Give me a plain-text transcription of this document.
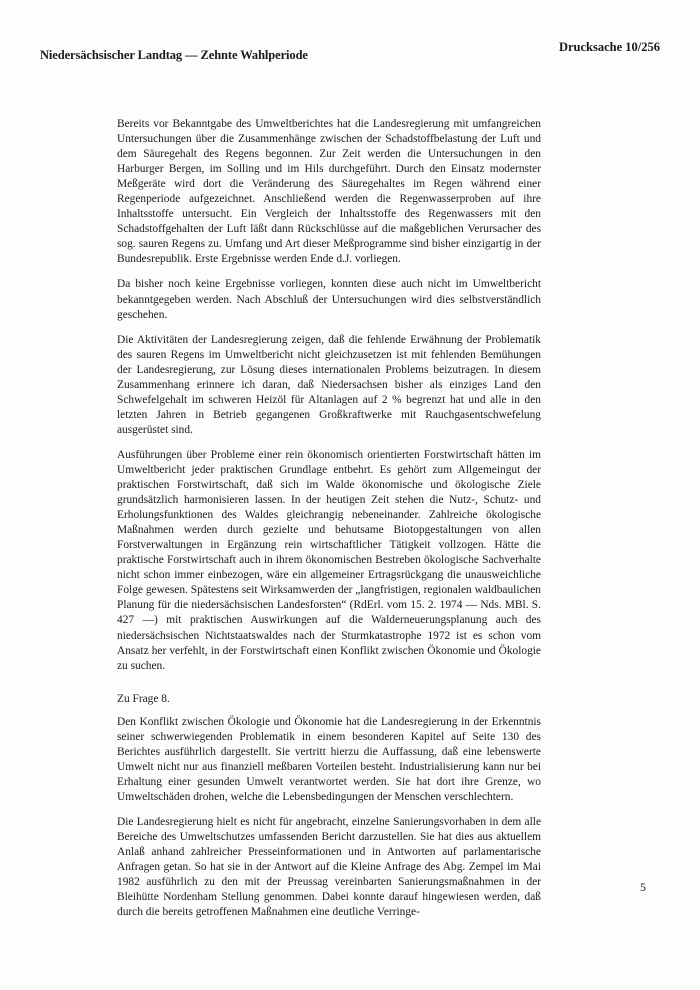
Niedersächsischer Landtag — Zehnte Wahlperiode
Drucksache 10/256

Bereits vor Bekanntgabe des Umweltberichtes hat die Landesregierung mit umfangreichen Untersuchungen über die Zusammenhänge zwischen der Schadstoffbelastung der Luft und dem Säuregehalt des Regens begonnen. Zur Zeit werden die Untersuchungen in den Harburger Bergen, im Solling und im Hils durchgeführt. Durch den Einsatz modernster Meßgeräte wird dort die Veränderung des Säuregehaltes im Regen während einer Regenperiode aufgezeichnet. Anschließend werden die Regenwasserproben auf ihre Inhaltsstoffe untersucht. Ein Vergleich der Inhaltsstoffe des Regenwassers mit den Schadstoffgehalten der Luft läßt dann Rückschlüsse auf die maßgeblichen Verursacher des sog. sauren Regens zu. Umfang und Art dieser Meßprogramme sind bisher einzigartig in der Bundesrepublik. Erste Ergebnisse werden Ende d.J. vorliegen.

Da bisher noch keine Ergebnisse vorliegen, konnten diese auch nicht im Umweltbericht bekanntgegeben werden. Nach Abschluß der Untersuchungen wird dies selbstverständlich geschehen.

Die Aktivitäten der Landesregierung zeigen, daß die fehlende Erwähnung der Problematik des sauren Regens im Umweltbericht nicht gleichzusetzen ist mit fehlenden Bemühungen der Landesregierung, zur Lösung dieses internationalen Problems beizutragen. In diesem Zusammenhang erinnere ich daran, daß Niedersachsen bisher als einziges Land den Schwefelgehalt im schweren Heizöl für Altanlagen auf 2 % begrenzt hat und alle in den letzten Jahren in Betrieb gegangenen Großkraftwerke mit Rauchgasentschwefelung ausgerüstet sind.

Ausführungen über Probleme einer rein ökonomisch orientierten Forstwirtschaft hätten im Umweltbericht jeder praktischen Grundlage entbehrt. Es gehört zum Allgemeingut der praktischen Forstwirtschaft, daß sich im Walde ökonomische und ökologische Ziele grundsätzlich harmonisieren lassen. In der heutigen Zeit stehen die Nutz-, Schutz- und Erholungsfunktionen des Waldes gleichrangig nebeneinander. Zahlreiche ökologische Maßnahmen werden durch gezielte und behutsame Biotopgestaltungen von allen Forstverwaltungen in Ergänzung rein wirtschaftlicher Tätigkeit vollzogen. Hätte die praktische Forstwirtschaft auch in ihrem ökonomischen Bestreben ökologische Sachverhalte nicht schon immer einbezogen, wäre ein allgemeiner Ertragsrückgang die unausweichliche Folge gewesen. Spätestens seit Wirksamwerden der „langfristigen, regionalen waldbaulichen Planung für die niedersächsischen Landesforsten“ (RdErl. vom 15. 2. 1974 — Nds. MBl. S. 427 —) mit praktischen Auswirkungen auf die Walderneuerungsplanung auch des niedersächsischen Nichtstaatswaldes nach der Sturmkatastrophe 1972 ist es schon vom Ansatz her verfehlt, in der Forstwirtschaft einen Konflikt zwischen Ökonomie und Ökologie zu suchen.

Zu Frage 8.

Den Konflikt zwischen Ökologie und Ökonomie hat die Landesregierung in der Erkenntnis seiner schwerwiegenden Problematik in einem besonderen Kapitel auf Seite 130 des Berichtes ausführlich dargestellt. Sie vertritt hierzu die Auffassung, daß eine lebenswerte Umwelt nicht nur aus finanziell meßbaren Vorteilen besteht. Industrialisierung kann nur bei Erhaltung einer gesunden Umwelt verantwortet werden. Sie hat dort ihre Grenze, wo Umweltschäden drohen, welche die Lebensbedingungen der Menschen verschlechtern.

Die Landesregierung hielt es nicht für angebracht, einzelne Sanierungsvorhaben in dem alle Bereiche des Umweltschutzes umfassenden Bericht darzustellen. Sie hat dies aus aktuellem Anlaß anhand zahlreicher Presseinformationen und in Antworten auf parlamentarische Anfragen getan. So hat sie in der Antwort auf die Kleine Anfrage des Abg. Zempel im Mai 1982 ausführlich zu den mit der Preussag vereinbarten Sanierungsmaßnahmen in der Bleihütte Nordenham Stellung genommen. Dabei konnte darauf hingewiesen werden, daß durch die bereits getroffenen Maßnahmen eine deutliche Verringe-

5
